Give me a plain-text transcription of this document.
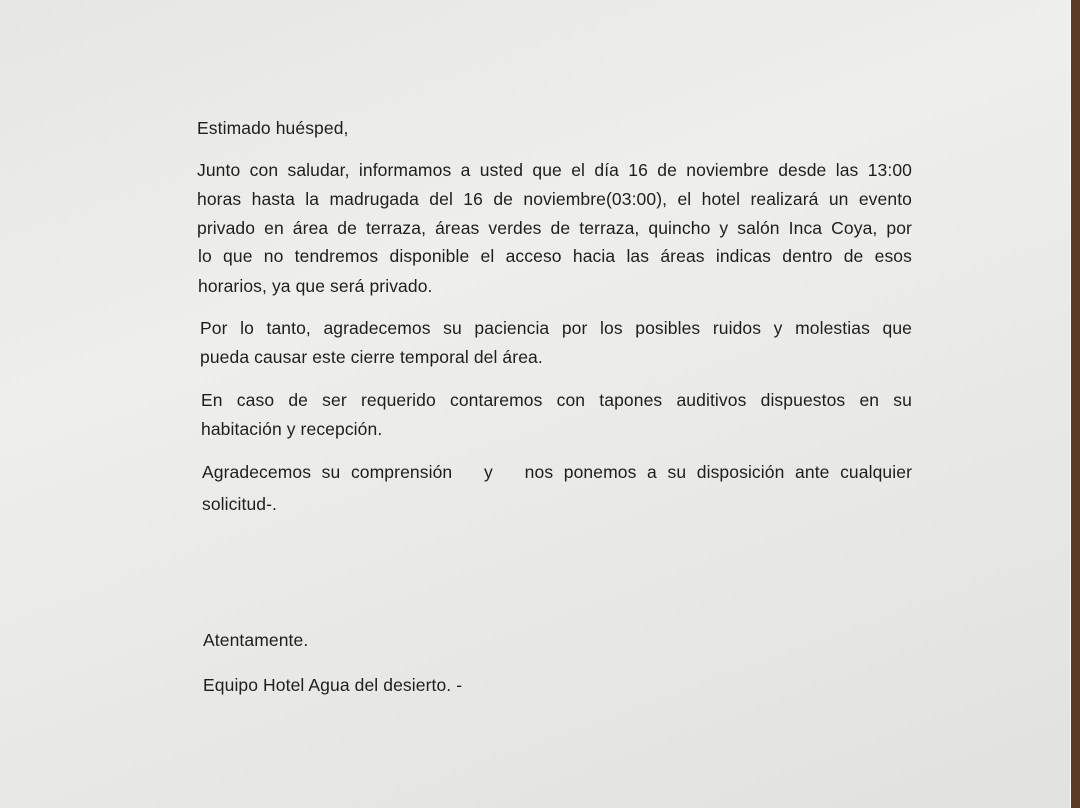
Estimado huésped,
Junto con saludar, informamos a usted que el día 16 de noviembre desde las 13:00
horas hasta la madrugada del 16 de noviembre(03:00), el hotel realizará un evento
privado en área de terraza, áreas verdes de terraza, quincho y salón Inca Coya, por
lo que no tendremos disponible el acceso hacia las áreas indicas dentro de esos
horarios, ya que será privado.
Por lo tanto, agradecemos su paciencia por los posibles ruidos y molestias que
pueda causar este cierre temporal del área.
En caso de ser requerido contaremos con tapones auditivos dispuestos en su
habitación y recepción.
Agradecemos su comprensión   y   nos ponemos a su disposición ante cualquier
solicitud-.
Atentamente.
Equipo Hotel Agua del desierto. -
